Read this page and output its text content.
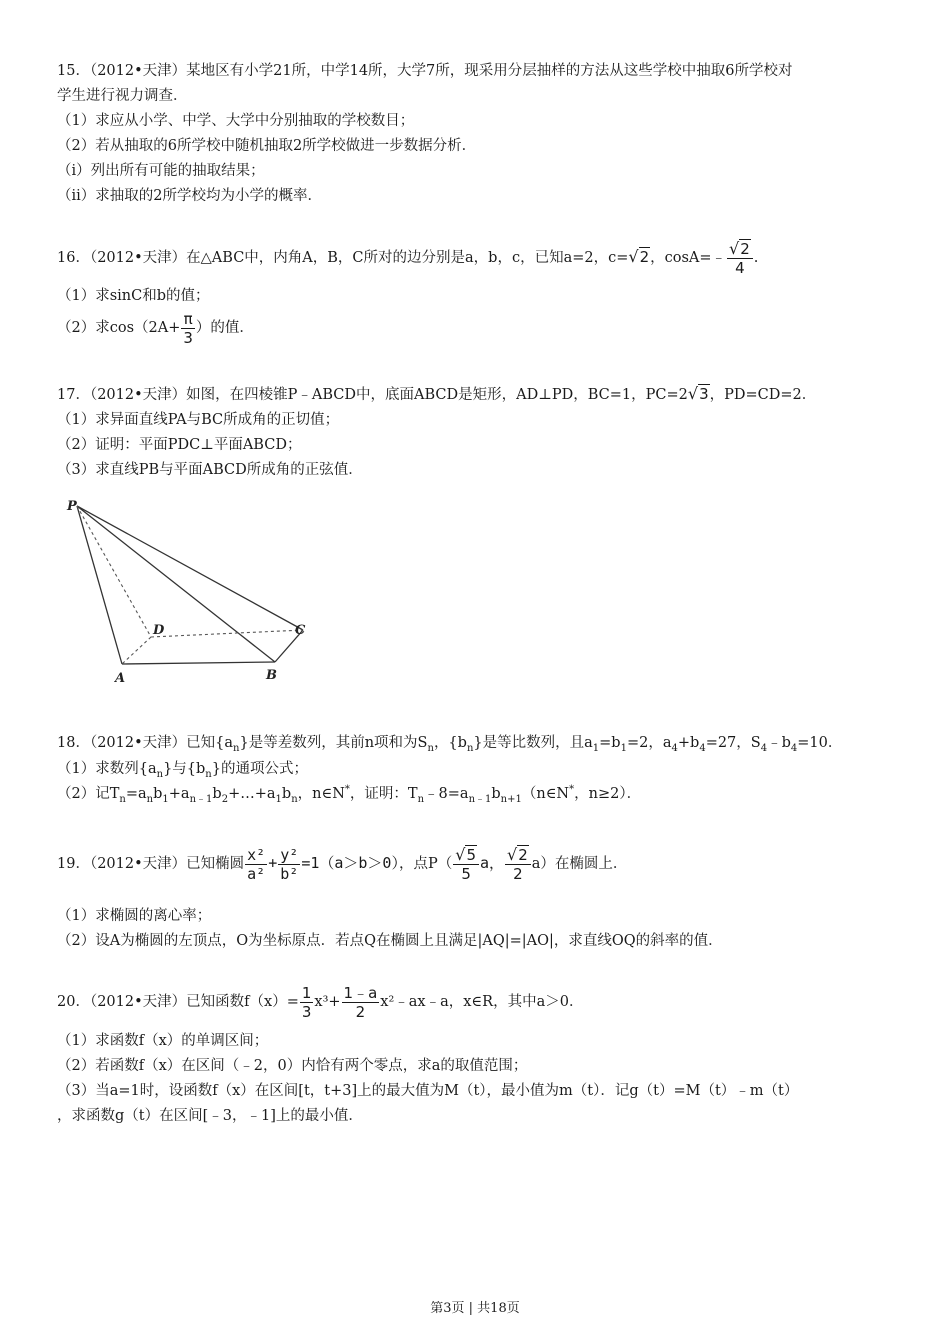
15．（2012•天津）某地区有小学21所，中学14所，大学7所，现采用分层抽样的方法从这些学校中抽取6所学校对
学生进行视力调查．
（1）求应从小学、中学、大学中分别抽取的学校数目；
（2）若从抽取的6所学校中随机抽取2所学校做进一步数据分析．
（ⅰ）列出所有可能的抽取结果；
（ⅱ）求抽取的2所学校均为小学的概率．
16．（2012•天津）在△ABC中，内角A，B，C所对的边分别是a，b，c，已知a=2，c=√2，cosA=﹣ $\frac{√2}{4}$ .
（1）求sinC和b的值；
（2）求$\cos(2A+ \frac{\pi}{3}$ ）的值．
17．（2012•天津）如图，在四棱锥P﹣ABCD中，底面ABCD是矩形，AD⊥PD，BC=1，PC=2√3，PD=CD=2．
（1）求异面直线PA与BC所成角的正切值；
（2）证明：平面PDC⊥平面ABCD；
（3）求直线PB与平面ABCD所成角的正弦值．
P
D	C
A	B
18．（2012•天津）已知$\{a_n\}$是等差数列，其前n项和为$S_n$，$\{b_n\}$是等比数列，且$a_1=b_1=2$，$a_4+b_4=27$，$S_4﹣b_4=10$．
（1）求数列$\{a_n\}$与$\{b_n\}$的通项公式；
（2）记$T_n=a_nb_1+a_{n﹣1}b_2+\dots+a_1b_n$，n∈N*，证明：$T_n﹣8=a_{n﹣1}b_{n+1}(n\in N^*$，n≥2）．
19．（2012•天津）已知椭圆 $\frac{\text{x²}}{\text{a²}} + \frac{\text{y²}}{\text{b²}} =1(a>b>0)$，点$P( \frac{√5}{5}$ a， $\frac{√2}{2} a$）在椭圆上．
（1）求椭圆的离心率；
（2）设A为椭圆的左顶点，O为坐标原点．若点Q在椭圆上且满足|AQ|=|AO|，求直线OQ的斜率的值．
20．（2012•天津）已知函数$f(x)= \frac{1}{3} x^3+ \frac{1﹣a}{2}$ x²﹣ax﹣a，x∈R，其中a＞0．
（1）求函数f（x）的单调区间；
（2）若函数f（x）在区间（﹣2，0）内恰有两个零点，求a的取值范围；
（3）当a=1时，设函数f（x）在区间[t，t+3]上的最大值为M（t），最小值为m（t）．记g（t）=M（t）﹣m（t）
，求函数g（t）在区间[﹣3，﹣1]上的最小值．
第3页 | 共18页
